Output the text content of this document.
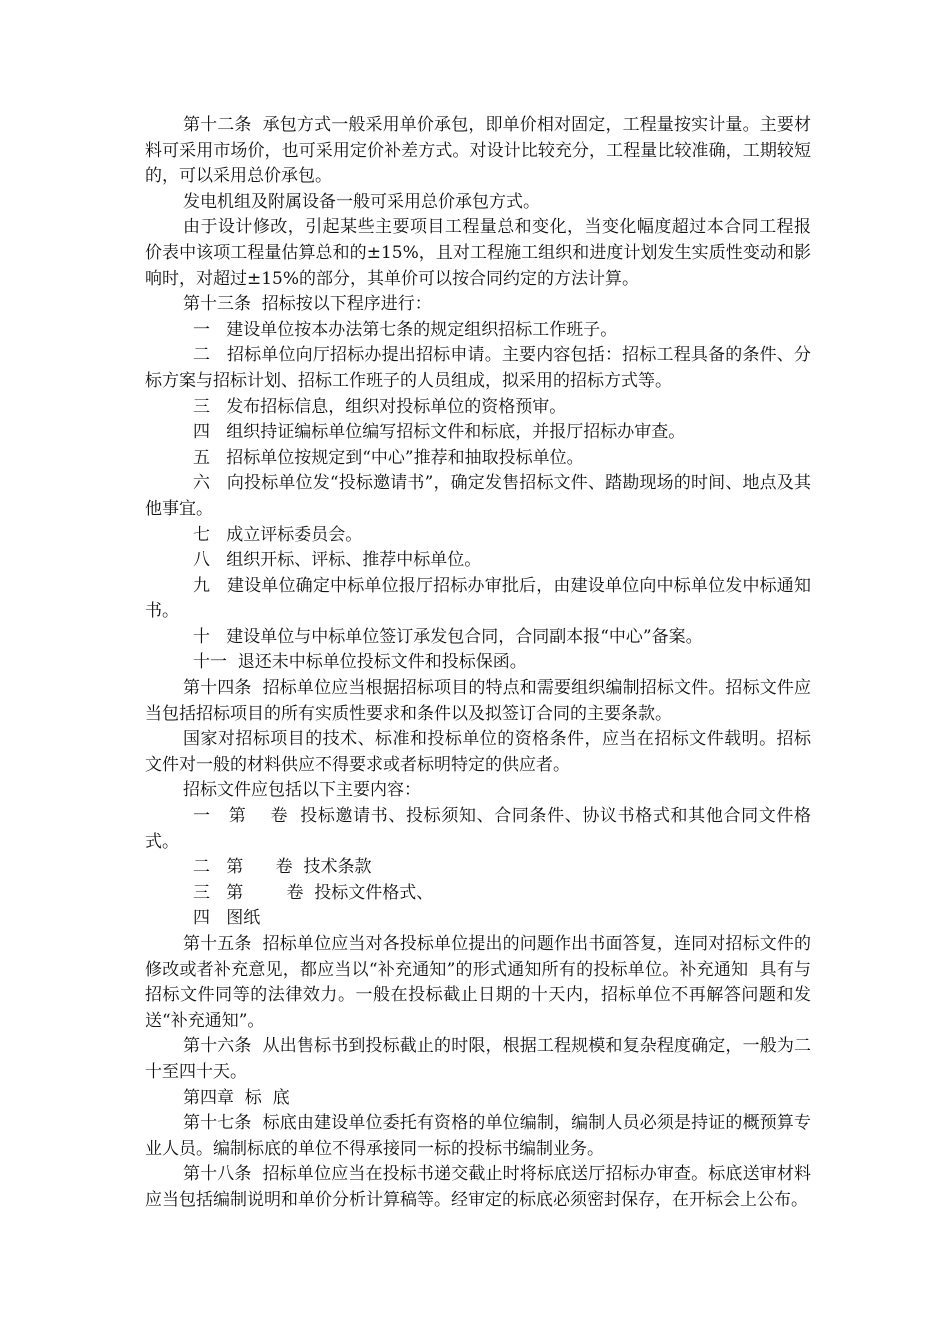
第十二条  承包方式一般采用单价承包，即单价相对固定，工程量按实计量。主要材料可采用市场价，也可采用定价补差方式。对设计比较充分，工程量比较准确，工期较短的，可以采用总价承包。

发电机组及附属设备一般可采用总价承包方式。

由于设计修改，引起某些主要项目工程量总和变化，当变化幅度超过本合同工程报价表中该项工程量估算总和的±15%，且对工程施工组织和进度计划发生实质性变动和影响时，对超过±15%的部分，其单价可以按合同约定的方法计算。

第十三条  招标按以下程序进行：

一   建设单位按本办法第七条的规定组织招标工作班子。

二   招标单位向厅招标办提出招标申请。主要内容包括：招标工程具备的条件、分标方案与招标计划、招标工作班子的人员组成，拟采用的招标方式等。

三   发布招标信息，组织对投标单位的资格预审。

四   组织持证编标单位编写招标文件和标底，并报厅招标办审查。

五   招标单位按规定到“中心”推荐和抽取投标单位。

六   向投标单位发“投标邀请书”，确定发售招标文件、踏勘现场的时间、地点及其他事宜。

七   成立评标委员会。

八   组织开标、评标、推荐中标单位。

九   建设单位确定中标单位报厅招标办审批后，由建设单位向中标单位发中标通知书。

十   建设单位与中标单位签订承发包合同，合同副本报“中心”备案。

十一  退还未中标单位投标文件和投标保函。

第十四条  招标单位应当根据招标项目的特点和需要组织编制招标文件。招标文件应当包括招标项目的所有实质性要求和条件以及拟签订合同的主要条款。

国家对招标项目的技术、标准和投标单位的资格条件，应当在招标文件载明。招标文件对一般的材料供应不得要求或者标明特定的供应者。

招标文件应包括以下主要内容：

一   第    卷  投标邀请书、投标须知、合同条件、协议书格式和其他合同文件格式。

二   第      卷  技术条款

三   第        卷  投标文件格式、

四   图纸

第十五条  招标单位应当对各投标单位提出的问题作出书面答复，连同对招标文件的修改或者补充意见，都应当以“补充通知”的形式通知所有的投标单位。补充通知  具有与招标文件同等的法律效力。一般在投标截止日期的十天内，招标单位不再解答问题和发送“补充通知”。

第十六条  从出售标书到投标截止的时限，根据工程规模和复杂程度确定，一般为二十至四十天。

第四章  标  底

第十七条  标底由建设单位委托有资格的单位编制，编制人员必须是持证的概预算专业人员。编制标底的单位不得承接同一标的投标书编制业务。

第十八条  招标单位应当在投标书递交截止时将标底送厅招标办审查。标底送审材料应当包括编制说明和单价分析计算稿等。经审定的标底必须密封保存，在开标会上公布。
